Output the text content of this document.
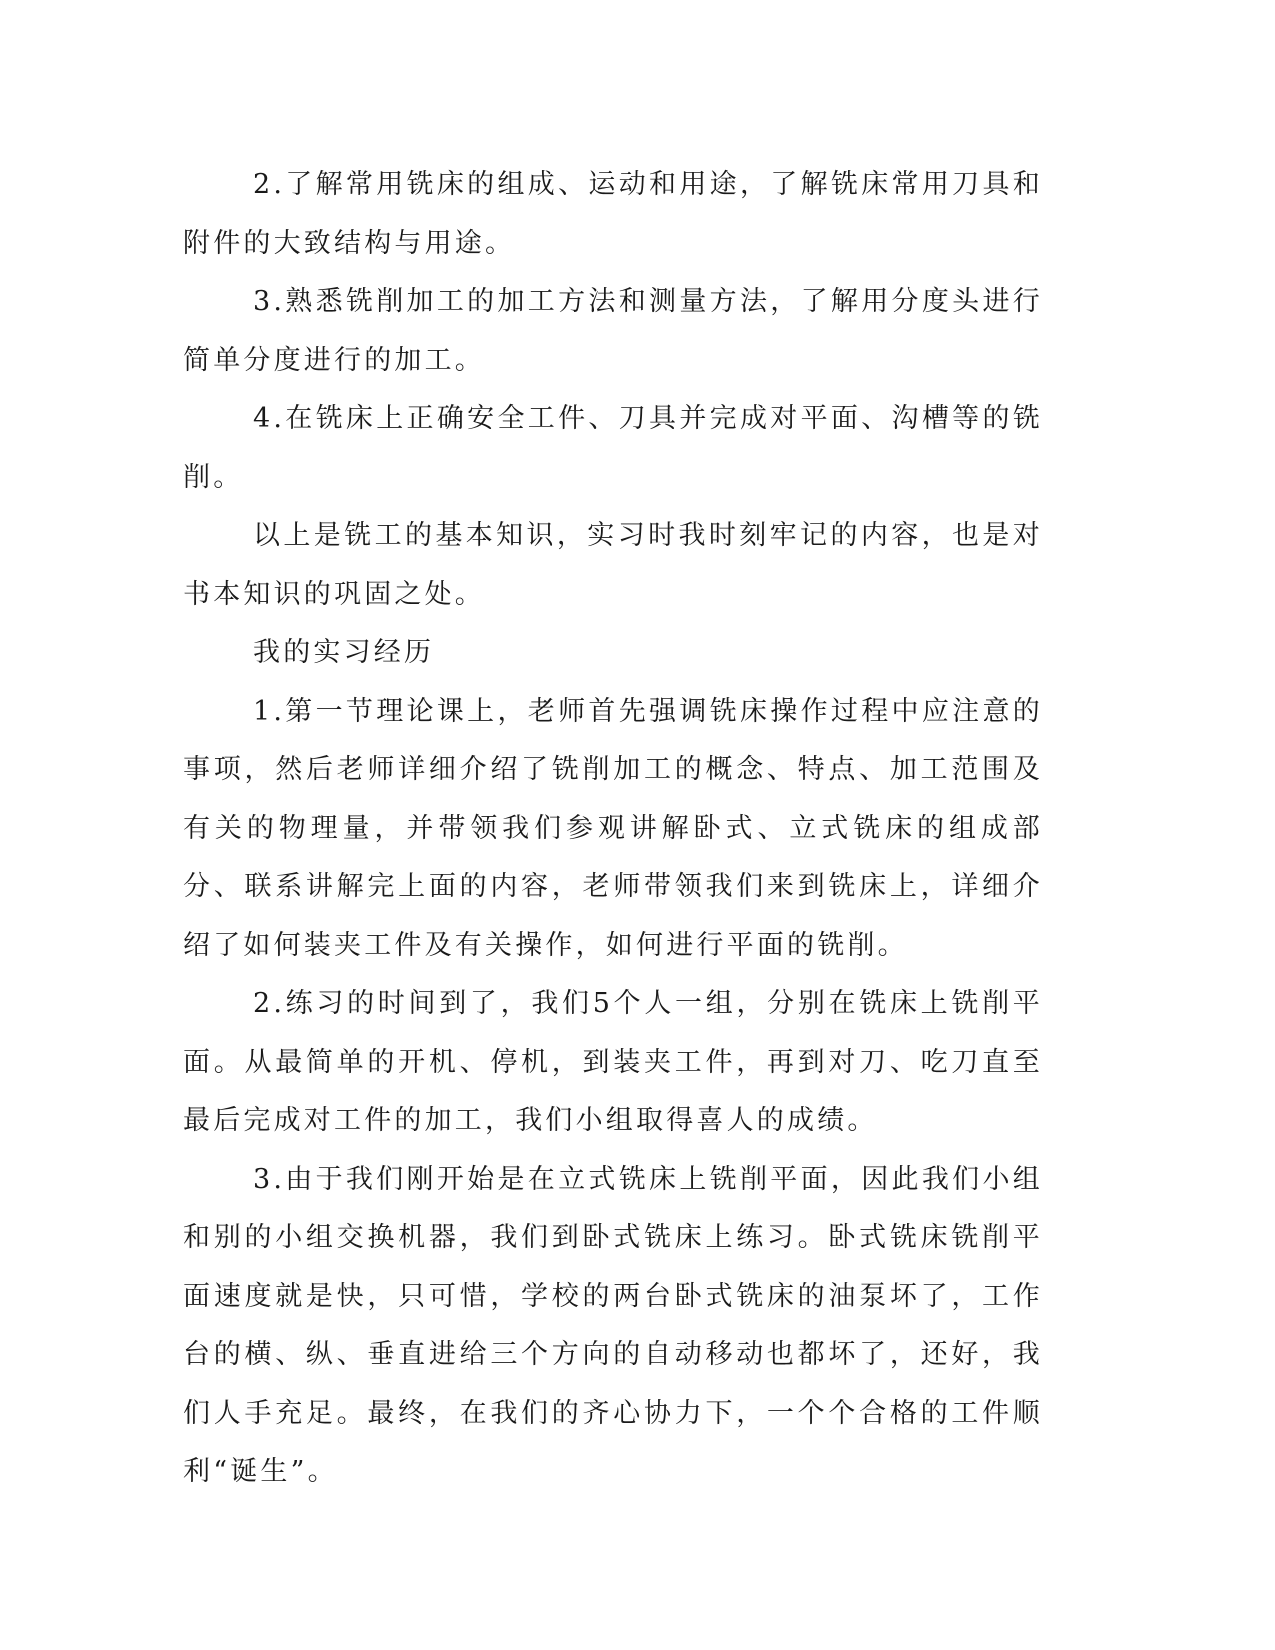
2.了解常用铣床的组成、运动和用途，了解铣床常用刀具和附件的大致结构与用途。

3.熟悉铣削加工的加工方法和测量方法，了解用分度头进行简单分度进行的加工。

4.在铣床上正确安全工件、刀具并完成对平面、沟槽等的铣削。

以上是铣工的基本知识，实习时我时刻牢记的内容，也是对书本知识的巩固之处。

我的实习经历

1.第一节理论课上，老师首先强调铣床操作过程中应注意的事项，然后老师详细介绍了铣削加工的概念、特点、加工范围及有关的物理量，并带领我们参观讲解卧式、立式铣床的组成部分、联系讲解完上面的内容，老师带领我们来到铣床上，详细介绍了如何装夹工件及有关操作，如何进行平面的铣削。

2.练习的时间到了，我们5个人一组，分别在铣床上铣削平面。从最简单的开机、停机，到装夹工件，再到对刀、吃刀直至最后完成对工件的加工，我们小组取得喜人的成绩。

3.由于我们刚开始是在立式铣床上铣削平面，因此我们小组和别的小组交换机器，我们到卧式铣床上练习。卧式铣床铣削平面速度就是快，只可惜，学校的两台卧式铣床的油泵坏了，工作台的横、纵、垂直进给三个方向的自动移动也都坏了，还好，我们人手充足。最终，在我们的齐心协力下，一个个合格的工件顺利“诞生”。
